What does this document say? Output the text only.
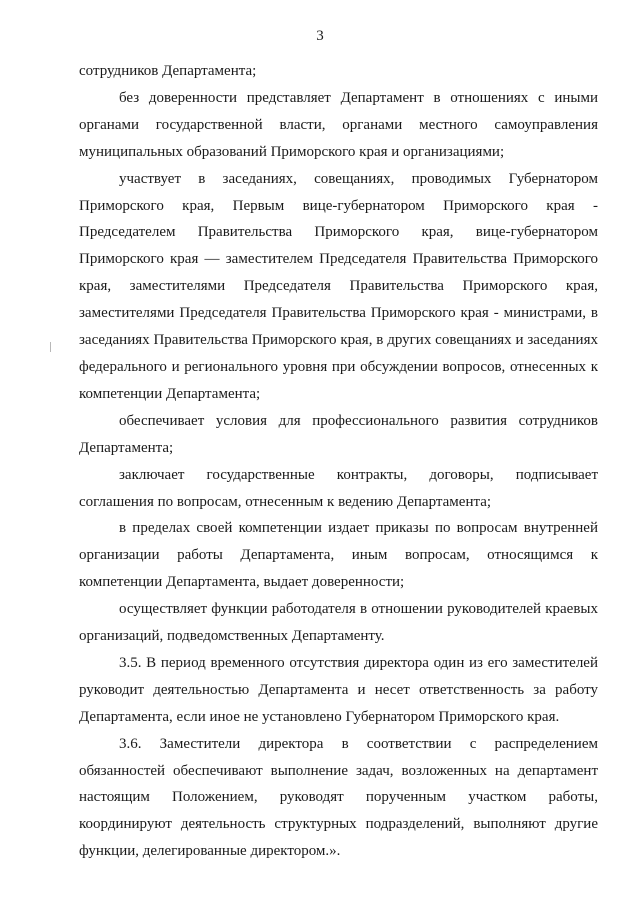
3

сотрудников Департамента;

без доверенности представляет Департамент в отношениях с иными органами государственной власти, органами местного самоуправления муниципальных образований Приморского края и организациями;

участвует в заседаниях, совещаниях, проводимых Губернатором Приморского края, Первым вице-губернатором Приморского края - Председателем Правительства Приморского края, вице-губернатором Приморского края — заместителем Председателя Правительства Приморского края, заместителями Председателя Правительства Приморского края, заместителями Председателя Правительства Приморского края - министрами, в заседаниях Правительства Приморского края, в других совещаниях и заседаниях федерального и регионального уровня при обсуждении вопросов, отнесенных к компетенции Департамента;

обеспечивает условия для профессионального развития сотрудников Департамента;

заключает государственные контракты, договоры, подписывает соглашения по вопросам, отнесенным к ведению Департамента;

в пределах своей компетенции издает приказы по вопросам внутренней организации работы Департамента, иным вопросам, относящимся к компетенции Департамента, выдает доверенности;

осуществляет функции работодателя в отношении руководителей краевых организаций, подведомственных Департаменту.

3.5. В период временного отсутствия директора один из его заместителей руководит деятельностью Департамента и несет ответственность за работу Департамента, если иное не установлено Губернатором Приморского края.

3.6. Заместители директора в соответствии с распределением обязанностей обеспечивают выполнение задач, возложенных на департамент настоящим Положением, руководят порученным участком работы, координируют деятельность структурных подразделений, выполняют другие функции, делегированные директором.».
